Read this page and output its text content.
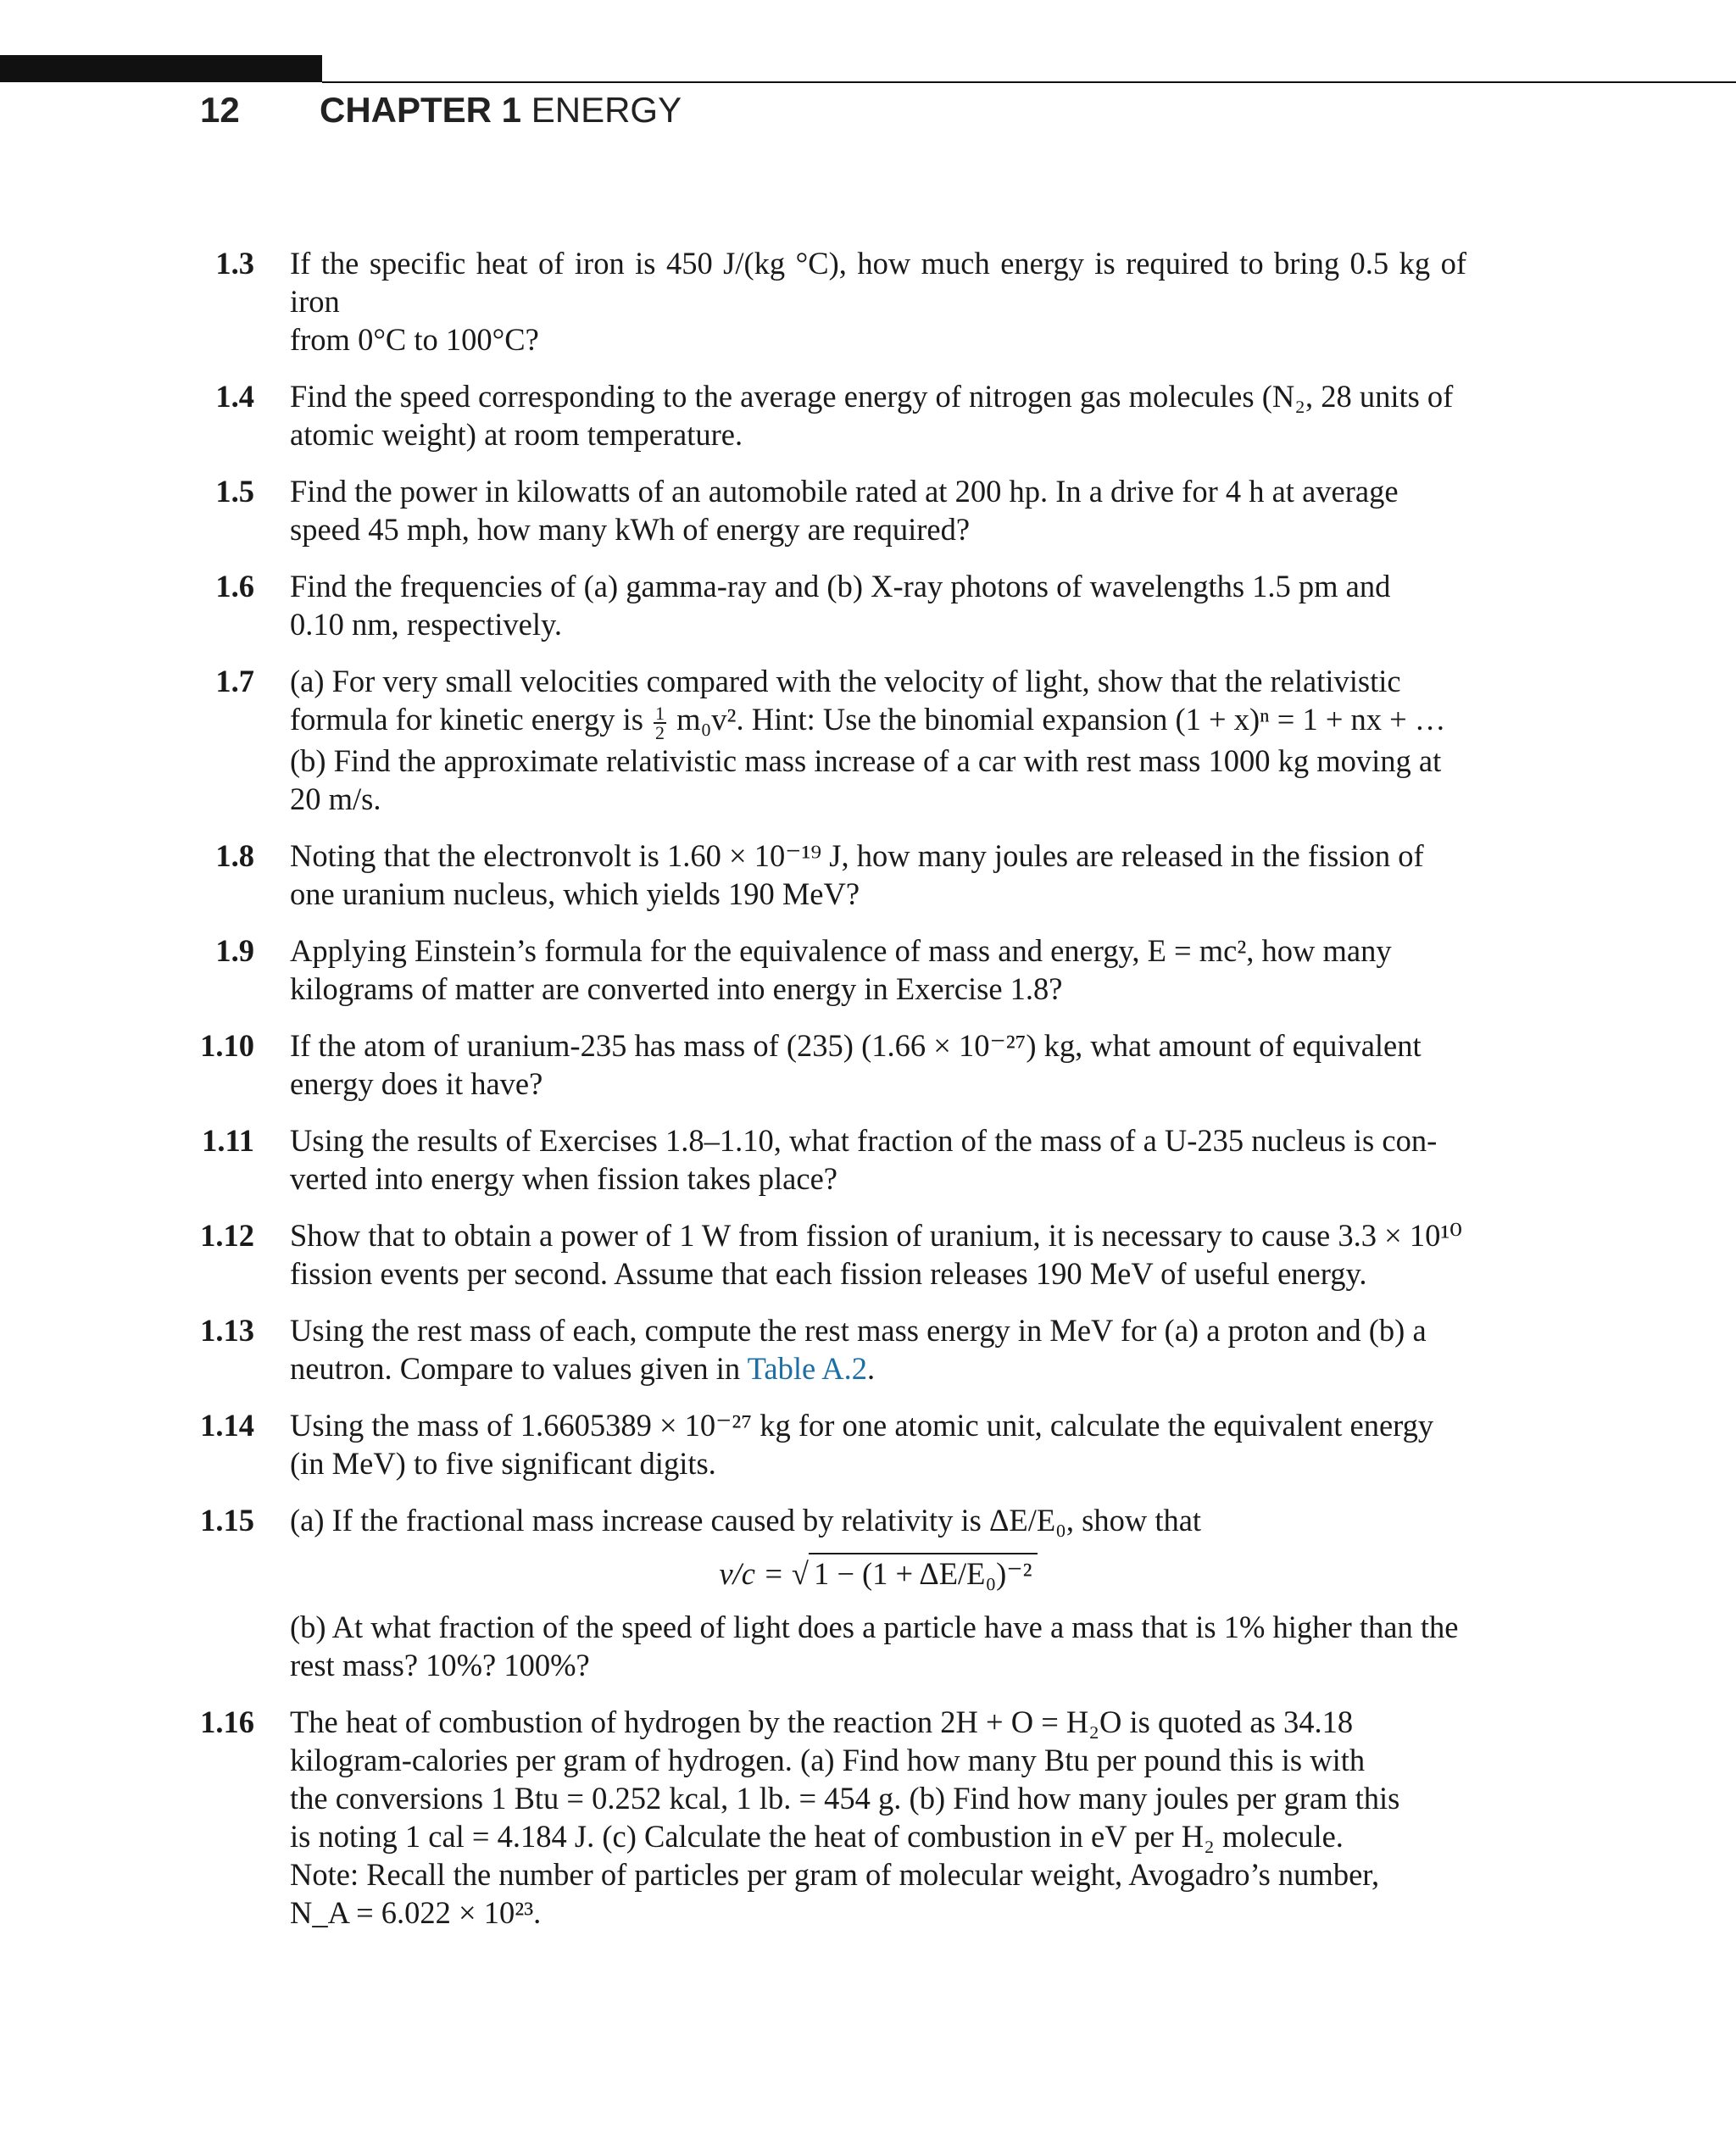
12 CHAPTER 1 ENERGY
1.3 If the specific heat of iron is 450 J/(kg °C), how much energy is required to bring 0.5 kg of iron
from 0°C to 100°C?
1.4 Find the speed corresponding to the average energy of nitrogen gas molecules (N₂, 28 units of
atomic weight) at room temperature.
1.5 Find the power in kilowatts of an automobile rated at 200 hp. In a drive for 4 h at average
speed 45 mph, how many kWh of energy are required?
1.6 Find the frequencies of (a) gamma-ray and (b) X-ray photons of wavelengths 1.5 pm and
0.10 nm, respectively.
1.7 (a) For very small velocities compared with the velocity of light, show that the relativistic
formula for kinetic energy is $\frac{1}{2} m_0v^2$. Hint: Use the binomial expansion (1 + x)ⁿ = 1 + nx + …
(b) Find the approximate relativistic mass increase of a car with rest mass 1000 kg moving at
20 m/s.
1.8 Noting that the electronvolt is 1.60 × 10⁻¹⁹ J, how many joules are released in the fission of
one uranium nucleus, which yields 190 MeV?
1.9 Applying Einstein’s formula for the equivalence of mass and energy, E = mc², how many
kilograms of matter are converted into energy in Exercise 1.8?
1.10 If the atom of uranium-235 has mass of (235) (1.66 × 10⁻²⁷) kg, what amount of equivalent
energy does it have?
1.11 Using the results of Exercises 1.8–1.10, what fraction of the mass of a U-235 nucleus is con-
verted into energy when fission takes place?
1.12 Show that to obtain a power of 1 W from fission of uranium, it is necessary to cause 3.3 × 10¹⁰
fission events per second. Assume that each fission releases 190 MeV of useful energy.
1.13 Using the rest mass of each, compute the rest mass energy in MeV for (a) a proton and (b) a
neutron. Compare to values given in Table A.2.
1.14 Using the mass of 1.6605389 × 10⁻²⁷ kg for one atomic unit, calculate the equivalent energy
(in MeV) to five significant digits.
1.15 (a) If the fractional mass increase caused by relativity is ΔE/E₀, show that
v/c = √ 1 − (1 + ΔE/E₀)⁻²
(b) At what fraction of the speed of light does a particle have a mass that is 1% higher than the
rest mass? 10%? 100%?
1.16 The heat of combustion of hydrogen by the reaction 2H + O = H₂O is quoted as 34.18
kilogram-calories per gram of hydrogen. (a) Find how many Btu per pound this is with
the conversions 1 Btu = 0.252 kcal, 1 lb. = 454 g. (b) Find how many joules per gram this
is noting 1 cal = 4.184 J. (c) Calculate the heat of combustion in eV per H₂ molecule.
Note: Recall the number of particles per gram of molecular weight, Avogadro’s number,
N_A = 6.022 × 10²³.
